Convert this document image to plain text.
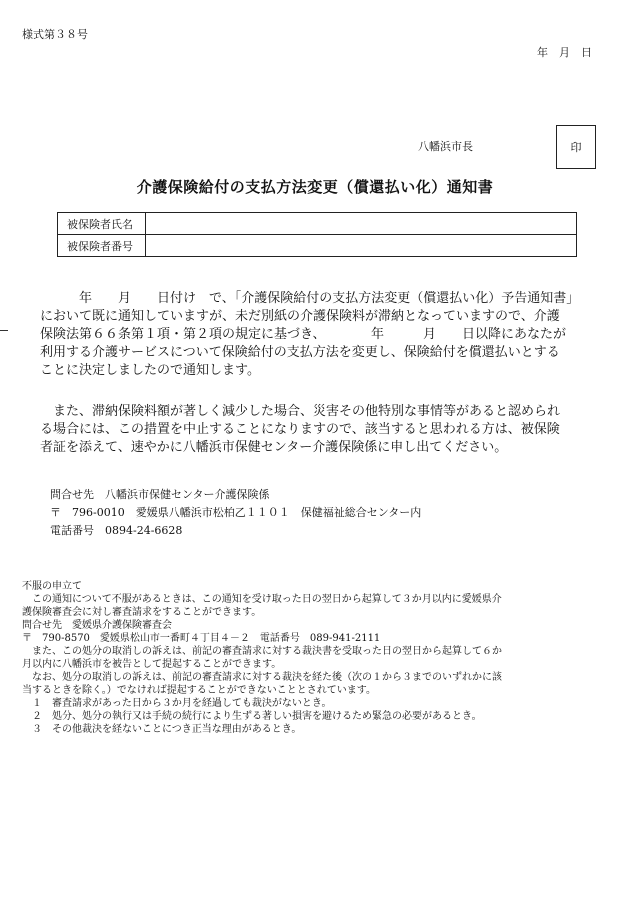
様式第３８号
年　月　日
八幡浜市長	印
介護保険給付の支払方法変更（償還払い化）通知書
被保険者氏名	
被保険者番号	
　　　年　　月　　日付け　で、「介護保険給付の支払方法変更（償還払い化）予告通知書」
において既に通知していますが、未だ別紙の介護保険料が滞納となっていますので、介護
保険法第６６条第１項・第２項の規定に基づき、　　　　年　　　月　　日以降にあなたが
利用する介護サービスについて保険給付の支払方法を変更し、保険給付を償還払いとする
ことに決定しましたので通知します。
　また、滞納保険料額が著しく減少した場合、災害その他特別な事情等があると認められ
る場合には、この措置を中止することになりますので、該当すると思われる方は、被保険
者証を添えて、速やかに八幡浜市保健センター介護保険係に申し出てください。
問合せ先　八幡浜市保健センター介護保険係
〒　796-0010　愛媛県八幡浜市松柏乙１１０１　保健福祉総合センター内
電話番号　0894-24-6628
不服の申立て
　この通知について不服があるときは、この通知を受け取った日の翌日から起算して３か月以内に愛媛県介
護保険審査会に対し審査請求をすることができます。
問合せ先　愛媛県介護保険審査会
〒　790-8570　愛媛県松山市一番町４丁目４－２　電話番号　089-941-2111
　また、この処分の取消しの訴えは、前記の審査請求に対する裁決書を受取った日の翌日から起算して６か
月以内に八幡浜市を被告として提起することができます。
　なお、処分の取消しの訴えは、前記の審査請求に対する裁決を経た後（次の１から３までのいずれかに該
当するときを除く。）でなければ提起することができないこととされています。
　１　審査請求があった日から３か月を経過しても裁決がないとき。
　２　処分、処分の執行又は手続の続行により生ずる著しい損害を避けるため緊急の必要があるとき。
　３　その他裁決を経ないことにつき正当な理由があるとき。
